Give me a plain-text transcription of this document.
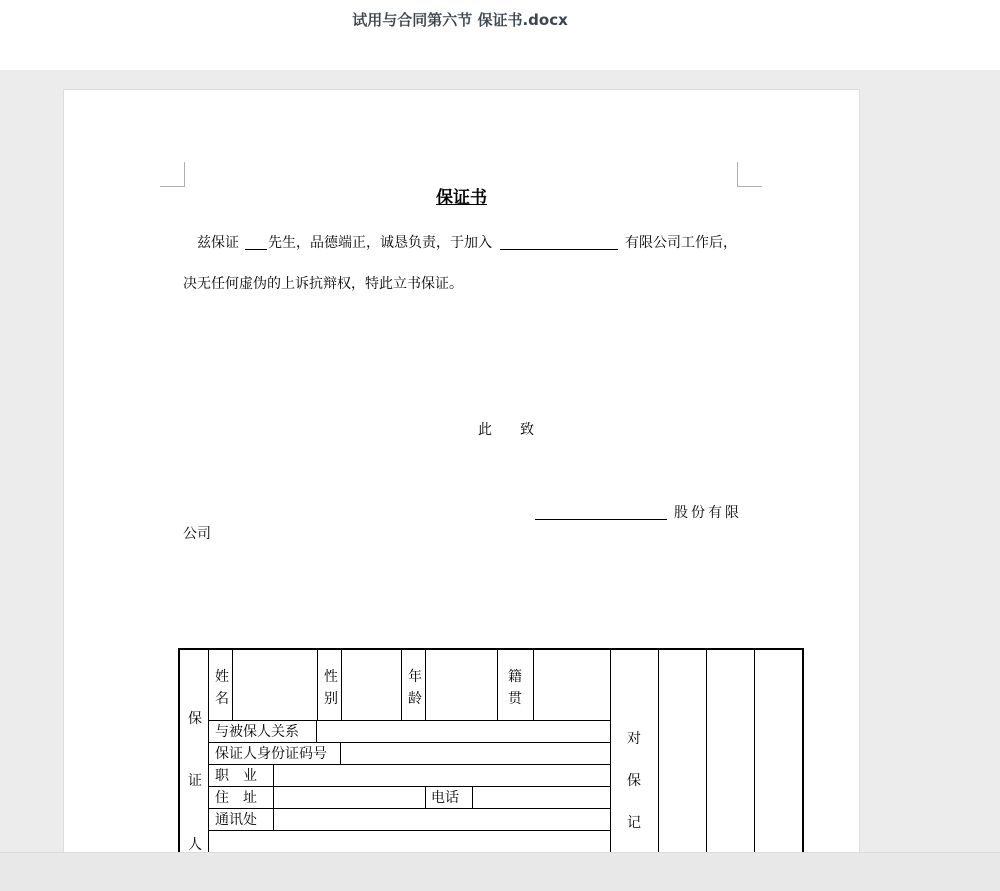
试用与合同第六节 保证书.docx
保证书
兹保证 先生，品德端正，诚恳负责，于加入	有限公司工作后，
决无任何虚伪的上诉抗辩权，特此立书保证。
此 致
股份有限
公司
保
证
人
姓
名
性
别
年
龄
籍
贯
与被保人关系
保证人身份证码号
职　业
住　址	电话
通讯处
对
保
记
